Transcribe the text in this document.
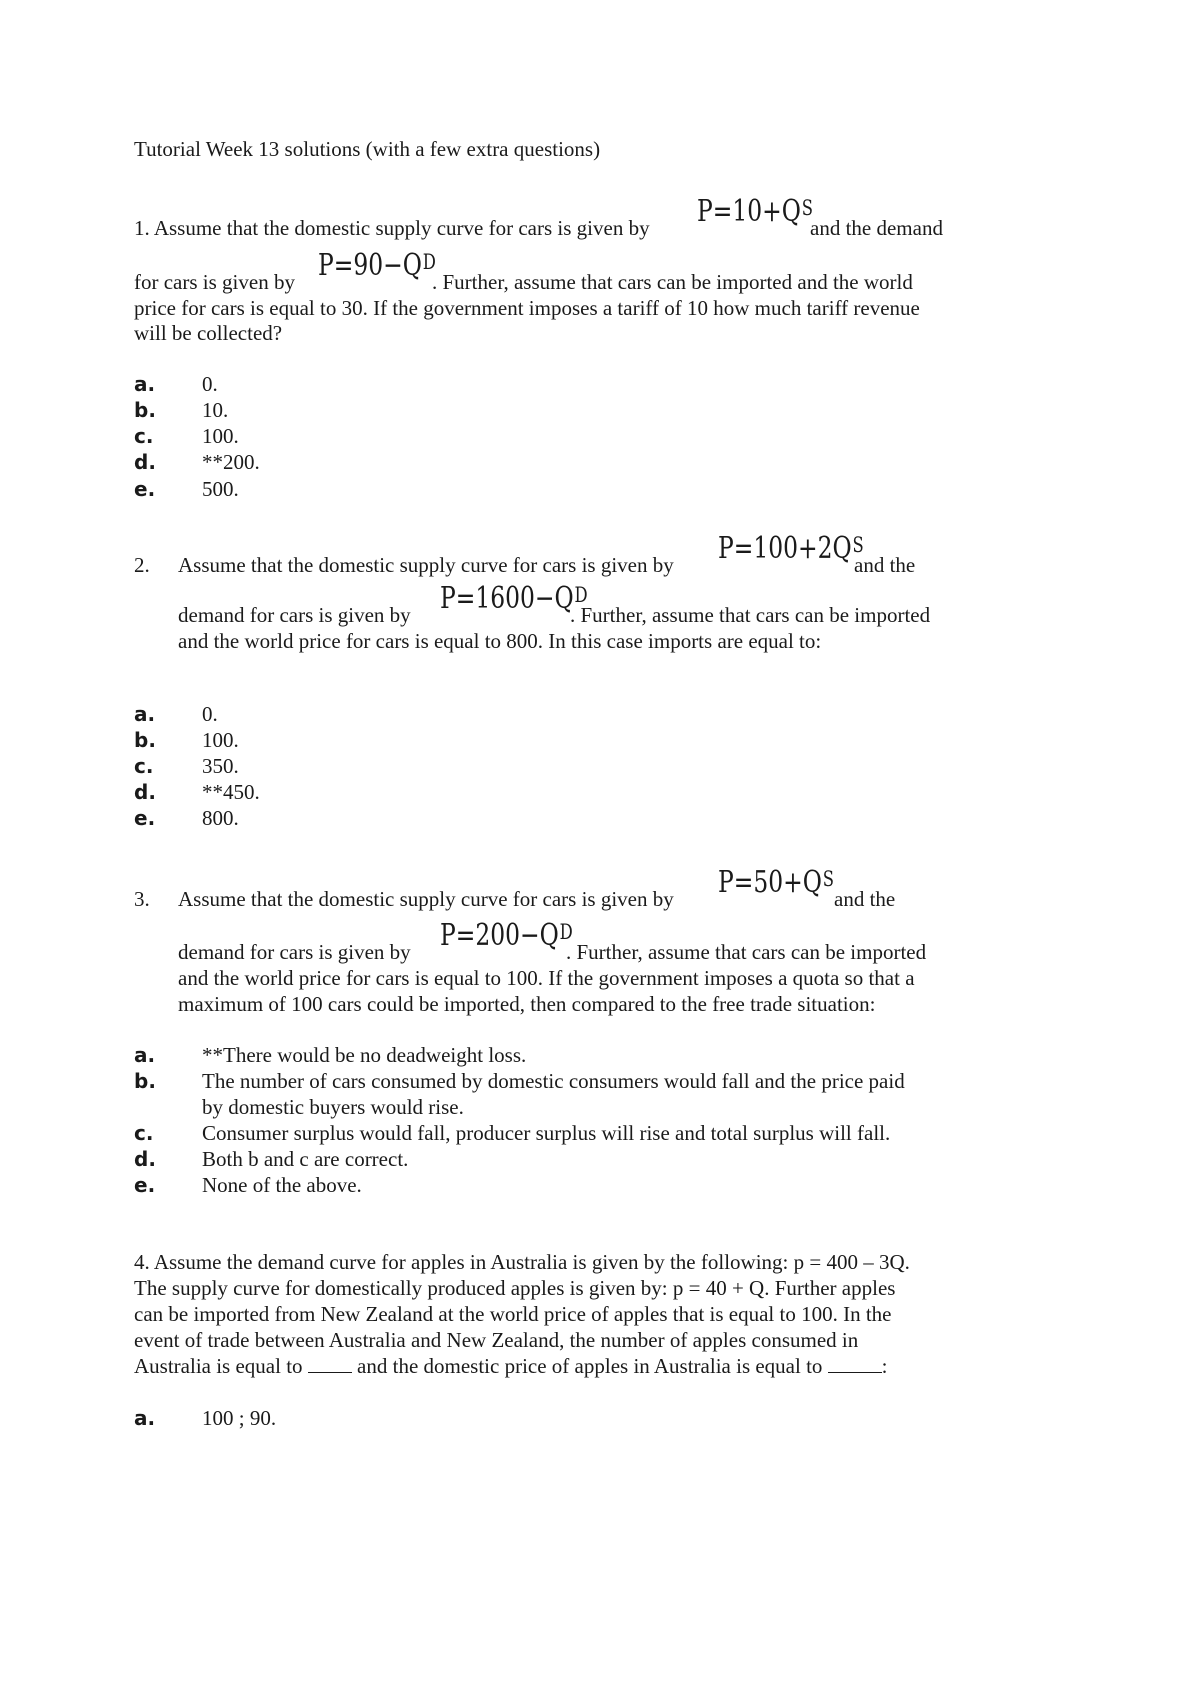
Tutorial Week 13 solutions (with a few extra questions)
1. Assume that the domestic supply curve for cars is given by $P=10+Q^S$
and the demand
for cars is given by $P=90-Q^D$
. Further, assume that cars can be imported and the world
price for cars is equal to 30. If the government imposes a tariff of 10 how much tariff revenue
will be collected?
a. 0.
b. 10.
c. 100.
d. **200.
e. 500.
2. Assume that the domestic supply curve for cars is given by $P=100+2Q^S$
and the
demand for cars is given by $P=1600-Q^D$
. Further, assume that cars can be imported
and the world price for cars is equal to 800. In this case imports are equal to:
a. 0.
b. 100.
c. 350.
d. **450.
e. 800.
3. Assume that the domestic supply curve for cars is given by $P=50+Q^S$
and the
demand for cars is given by $P=200-Q^D$
. Further, assume that cars can be imported
and the world price for cars is equal to 100. If the government imposes a quota so that a
maximum of 100 cars could be imported, then compared to the free trade situation:
a. **There would be no deadweight loss.
b. The number of cars consumed by domestic consumers would fall and the price paid
by domestic buyers would rise.
c. Consumer surplus would fall, producer surplus will rise and total surplus will fall.
d. Both b and c are correct.
e. None of the above.
4. Assume the demand curve for apples in Australia is given by the following: p = 400 – 3Q.
The supply curve for domestically produced apples is given by: p = 40 + Q. Further apples
can be imported from New Zealand at the world price of apples that is equal to 100. In the
event of trade between Australia and New Zealand, the number of apples consumed in
Australia is equal to	and the domestic price of apples in Australia is equal to	:
a. 100 ; 90.
